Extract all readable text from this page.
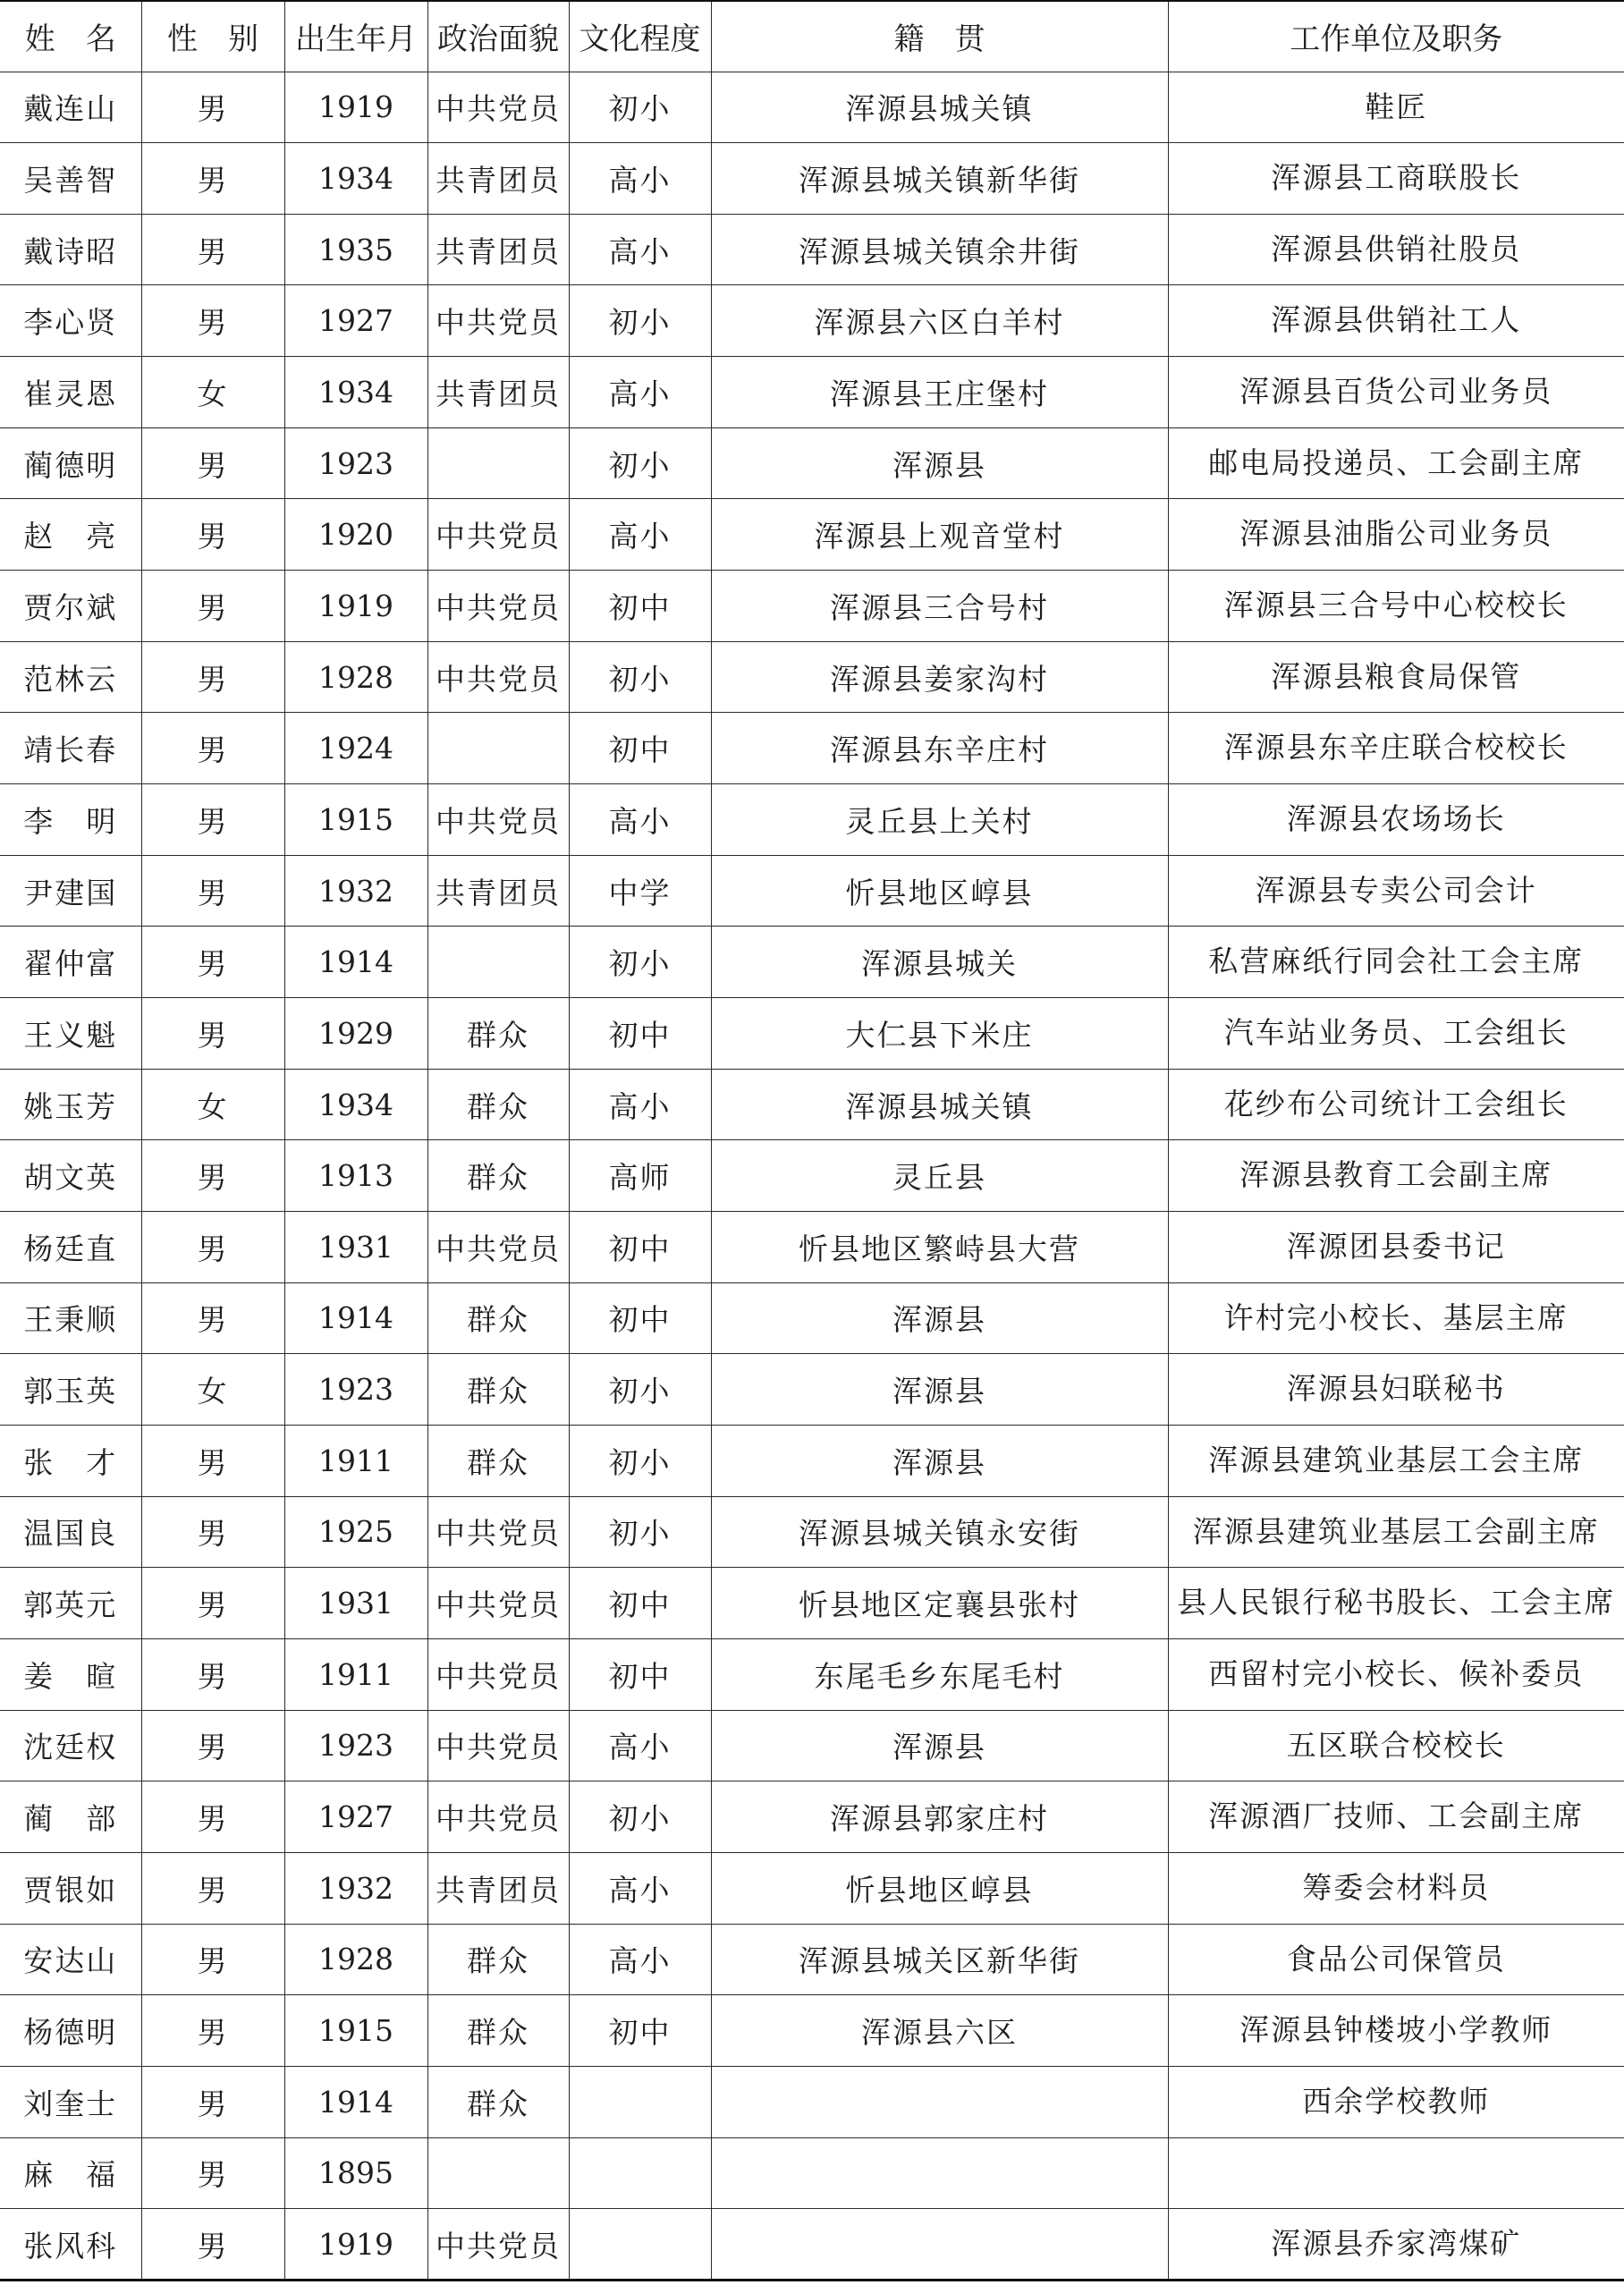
姓　名	性　别	出生年月	政治面貌	文化程度	籍　贯	工作单位及职务
戴连山	男	1919	中共党员	初小	浑源县城关镇	鞋匠
吴善智	男	1934	共青团员	高小	浑源县城关镇新华街	浑源县工商联股长
戴诗昭	男	1935	共青团员	高小	浑源县城关镇余井街	浑源县供销社股员
李心贤	男	1927	中共党员	初小	浑源县六区白羊村	浑源县供销社工人
崔灵恩	女	1934	共青团员	高小	浑源县王庄堡村	浑源县百货公司业务员
蔺德明	男	1923		初小	浑源县	邮电局投递员、工会副主席
赵　亮	男	1920	中共党员	高小	浑源县上观音堂村	浑源县油脂公司业务员
贾尔斌	男	1919	中共党员	初中	浑源县三合号村	浑源县三合号中心校校长
范林云	男	1928	中共党员	初小	浑源县姜家沟村	浑源县粮食局保管
靖长春	男	1924		初中	浑源县东辛庄村	浑源县东辛庄联合校校长
李　明	男	1915	中共党员	高小	灵丘县上关村	浑源县农场场长
尹建国	男	1932	共青团员	中学	忻县地区崞县	浑源县专卖公司会计
翟仲富	男	1914		初小	浑源县城关	私营麻纸行同会社工会主席
王义魁	男	1929	群众	初中	大仁县下米庄	汽车站业务员、工会组长
姚玉芳	女	1934	群众	高小	浑源县城关镇	花纱布公司统计工会组长
胡文英	男	1913	群众	高师	灵丘县	浑源县教育工会副主席
杨廷直	男	1931	中共党员	初中	忻县地区繁峙县大营	浑源团县委书记
王秉顺	男	1914	群众	初中	浑源县	许村完小校长、基层主席
郭玉英	女	1923	群众	初小	浑源县	浑源县妇联秘书
张　才	男	1911	群众	初小	浑源县	浑源县建筑业基层工会主席
温国良	男	1925	中共党员	初小	浑源县城关镇永安街	浑源县建筑业基层工会副主席
郭英元	男	1931	中共党员	初中	忻县地区定襄县张村	县人民银行秘书股长、工会主席
姜　暄	男	1911	中共党员	初中	东尾毛乡东尾毛村	西留村完小校长、候补委员
沈廷权	男	1923	中共党员	高小	浑源县	五区联合校校长
蔺　部	男	1927	中共党员	初小	浑源县郭家庄村	浑源酒厂技师、工会副主席
贾银如	男	1932	共青团员	高小	忻县地区崞县	筹委会材料员
安达山	男	1928	群众	高小	浑源县城关区新华街	食品公司保管员
杨德明	男	1915	群众	初中	浑源县六区	浑源县钟楼坡小学教师
刘奎士	男	1914	群众			西余学校教师
麻　福	男	1895				
张风科	男	1919	中共党员			浑源县乔家湾煤矿
